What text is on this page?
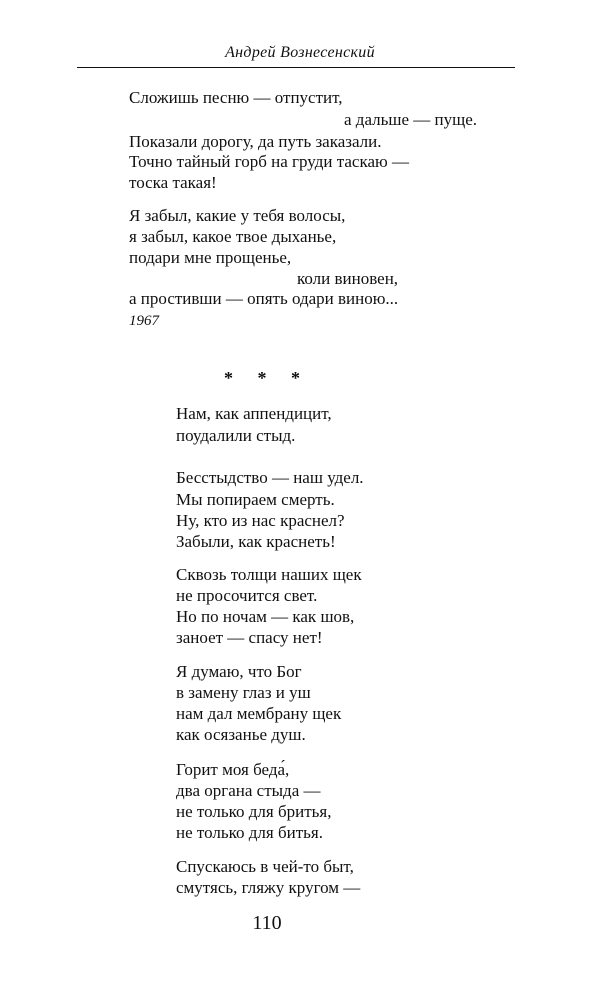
Андрей Вознесенский
Сложишь песню — отпустит,
а дальше — пуще.
Показали дорогу, да путь заказали.
Точно тайный горб на груди таскаю —
тоска такая!
Я забыл, какие у тебя волосы,
я забыл, какое твое дыханье,
подари мне прощенье,
коли виновен,
а простивши — опять одари виною...
1967
* * *
Нам, как аппендицит,
поудалили стыд.
Бесстыдство — наш удел.
Мы попираем смерть.
Ну, кто из нас краснел?
Забыли, как краснеть!
Сквозь толщи наших щек
не просочится свет.
Но по ночам — как шов,
заноет — спасу нет!
Я думаю, что Бог
в замену глаз и уш
нам дал мембрану щек
как осязанье душ.
Горит моя беда́,
два органа стыда —
не только для бритья,
не только для битья.
Спускаюсь в чей-то быт,
смутясь, гляжу кругом —
110
